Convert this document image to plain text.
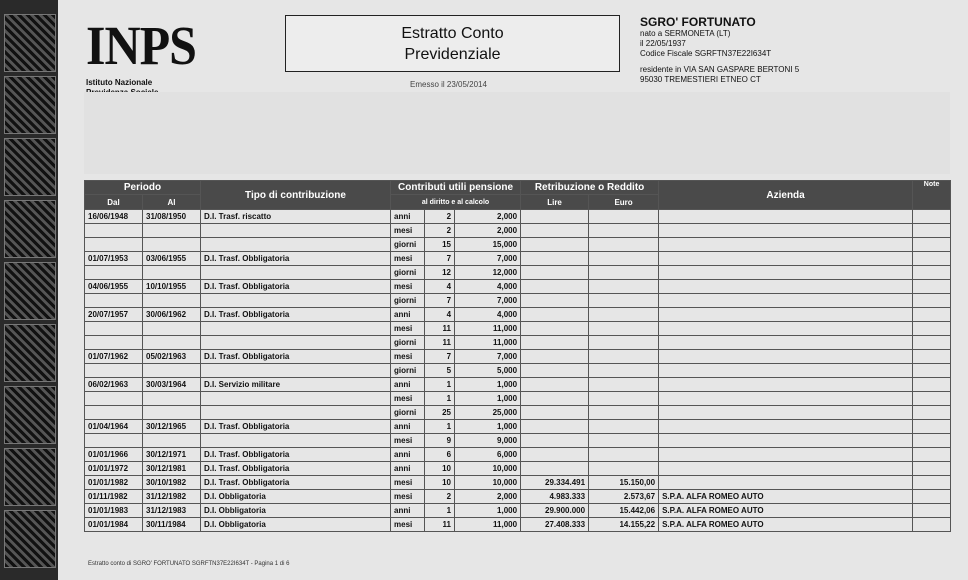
INPS
Istituto Nazionale
Estratto Conto
Previdenziale
Emesso il 23/05/2014
SGRO' FORTUNATO
nato a SERMONETA (LT)
il 22/05/1937
Codice Fiscale SGRFTN37E22I634T
residente in VIA SAN GASPARE BERTONI 5
95030 TREMESTIERI ETNEO CT
Periodo		Tipo di contribuzione	Contributi utili pensione			Retribuzione o Reddito		Azienda	Note
Dal	Al		al diritto e al calcolo			Lire	Euro		
16/06/1948	31/08/1950	D.I. Trasf. riscatto	anni	2	2,000				
			mesi	2	2,000				
			giorni	15	15,000				
01/07/1953	03/06/1955	D.I. Trasf. Obbligatoria	mesi	7	7,000				
			giorni	12	12,000				
04/06/1955	10/10/1955	D.I. Trasf. Obbligatoria	mesi	4	4,000				
			giorni	7	7,000				
20/07/1957	30/06/1962	D.I. Trasf. Obbligatoria	anni	4	4,000				
			mesi	11	11,000				
			giorni	11	11,000				
01/07/1962	05/02/1963	D.I. Trasf. Obbligatoria	mesi	7	7,000				
			giorni	5	5,000				
06/02/1963	30/03/1964	D.I. Servizio militare	anni	1	1,000				
			mesi	1	1,000				
			giorni	25	25,000				
01/04/1964	30/12/1965	D.I. Trasf. Obbligatoria	anni	1	1,000				
			mesi	9	9,000				
01/01/1966	30/12/1971	D.I. Trasf. Obbligatoria	anni	6	6,000				
01/01/1972	30/12/1981	D.I. Trasf. Obbligatoria	anni	10	10,000				
01/01/1982	30/10/1982	D.I. Trasf. Obbligatoria	mesi	10	10,000	29.334.491	15.150,00		
01/11/1982	31/12/1982	D.I. Obbligatoria	mesi	2	2,000	4.983.333	2.573,67	S.P.A. ALFA ROMEO AUTO	
01/01/1983	31/12/1983	D.I. Obbligatoria	anni	1	1,000	29.900.000	15.442,06	S.P.A. ALFA ROMEO AUTO	
01/01/1984	30/11/1984	D.I. Obbligatoria	mesi	11	11,000	27.408.333	14.155,22	S.P.A. ALFA ROMEO AUTO	
Estratto conto di SGRO' FORTUNATO SGRFTN37E22I634T - Pagina 1 di 6
